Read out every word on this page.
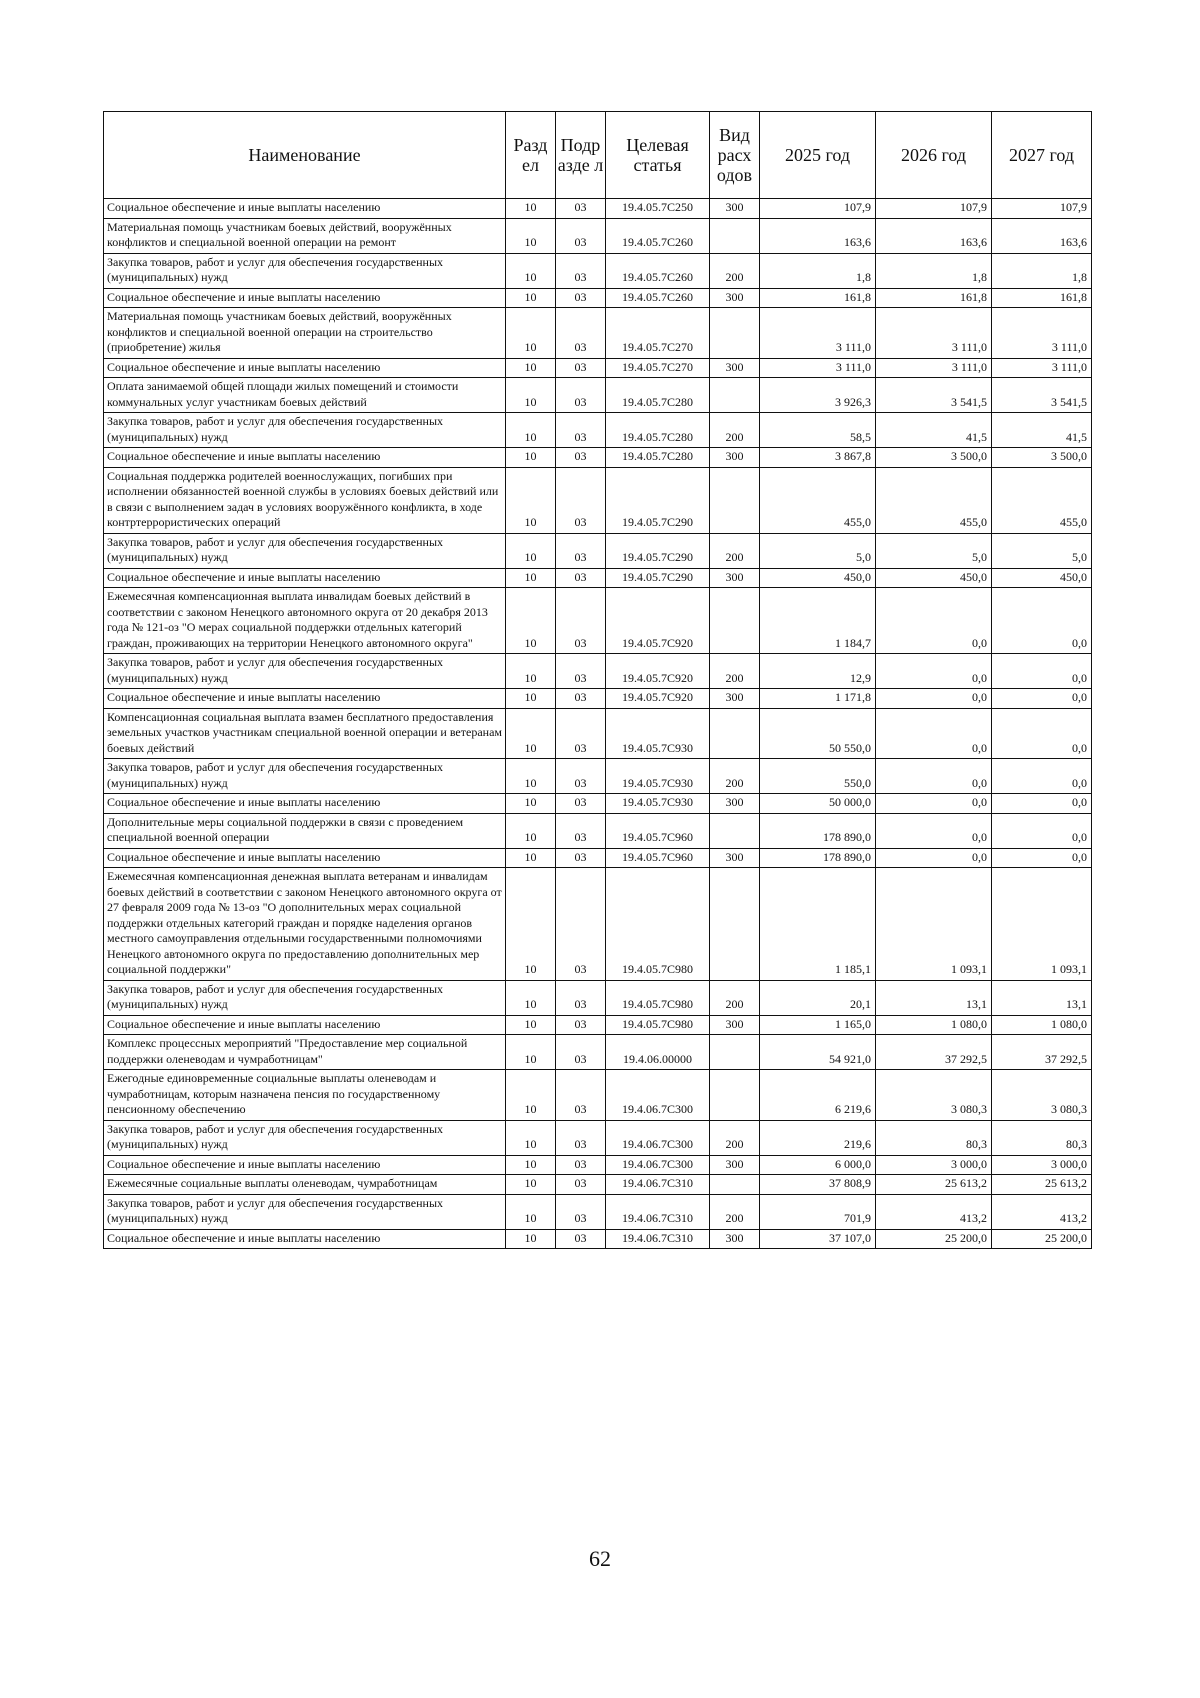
Наименование	Разд ел	Подр азде л	Целевая статья	Вид расх одов	2025 год	2026 год	2027 год
Социальное обеспечение и иные выплаты населению	10	03	19.4.05.7С250	300	107,9	107,9	107,9
Материальная помощь участникам боевых действий, вооружённых конфликтов и специальной военной операции на ремонт	10	03	19.4.05.7С260		163,6	163,6	163,6
Закупка товаров, работ и услуг для обеспечения государственных (муниципальных) нужд	10	03	19.4.05.7С260	200	1,8	1,8	1,8
Социальное обеспечение и иные выплаты населению	10	03	19.4.05.7С260	300	161,8	161,8	161,8
Материальная помощь участникам боевых действий, вооружённых конфликтов и специальной военной операции на строительство (приобретение) жилья	10	03	19.4.05.7С270		3 111,0	3 111,0	3 111,0
Социальное обеспечение и иные выплаты населению	10	03	19.4.05.7С270	300	3 111,0	3 111,0	3 111,0
Оплата занимаемой общей площади жилых помещений и стоимости коммунальных услуг участникам боевых действий	10	03	19.4.05.7С280		3 926,3	3 541,5	3 541,5
Закупка товаров, работ и услуг для обеспечения государственных (муниципальных) нужд	10	03	19.4.05.7С280	200	58,5	41,5	41,5
Социальное обеспечение и иные выплаты населению	10	03	19.4.05.7С280	300	3 867,8	3 500,0	3 500,0
Социальная поддержка родителей военнослужащих, погибших при исполнении обязанностей военной службы в условиях боевых действий или в связи с выполнением задач в условиях вооружённого конфликта, в ходе контртеррористических операций	10	03	19.4.05.7С290		455,0	455,0	455,0
Закупка товаров, работ и услуг для обеспечения государственных (муниципальных) нужд	10	03	19.4.05.7С290	200	5,0	5,0	5,0
Социальное обеспечение и иные выплаты населению	10	03	19.4.05.7С290	300	450,0	450,0	450,0
Ежемесячная компенсационная выплата инвалидам боевых действий в соответствии с законом Ненецкого автономного округа от 20 декабря 2013 года № 121-оз "О мерах социальной поддержки отдельных категорий граждан, проживающих на территории Ненецкого автономного округа"	10	03	19.4.05.7С920		1 184,7	0,0	0,0
Закупка товаров, работ и услуг для обеспечения государственных (муниципальных) нужд	10	03	19.4.05.7С920	200	12,9	0,0	0,0
Социальное обеспечение и иные выплаты населению	10	03	19.4.05.7С920	300	1 171,8	0,0	0,0
Компенсационная социальная выплата взамен бесплатного предоставления земельных участков участникам специальной военной операции и ветеранам боевых действий	10	03	19.4.05.7С930		50 550,0	0,0	0,0
Закупка товаров, работ и услуг для обеспечения государственных (муниципальных) нужд	10	03	19.4.05.7С930	200	550,0	0,0	0,0
Социальное обеспечение и иные выплаты населению	10	03	19.4.05.7С930	300	50 000,0	0,0	0,0
Дополнительные меры социальной поддержки в связи с проведением специальной военной операции	10	03	19.4.05.7С960		178 890,0	0,0	0,0
Социальное обеспечение и иные выплаты населению	10	03	19.4.05.7С960	300	178 890,0	0,0	0,0
Ежемесячная компенсационная денежная выплата ветеранам и инвалидам боевых действий в соответствии с законом Ненецкого автономного округа от 27 февраля 2009 года № 13-оз "О дополнительных мерах социальной поддержки отдельных категорий граждан и порядке наделения органов местного самоуправления отдельными государственными полномочиями Ненецкого автономного округа по предоставлению дополнительных мер социальной поддержки"	10	03	19.4.05.7С980		1 185,1	1 093,1	1 093,1
Закупка товаров, работ и услуг для обеспечения государственных (муниципальных) нужд	10	03	19.4.05.7С980	200	20,1	13,1	13,1
Социальное обеспечение и иные выплаты населению	10	03	19.4.05.7С980	300	1 165,0	1 080,0	1 080,0
Комплекс процессных мероприятий "Предоставление мер социальной поддержки оленеводам и чумработницам"	10	03	19.4.06.00000		54 921,0	37 292,5	37 292,5
Ежегодные единовременные социальные выплаты оленеводам и чумработницам, которым назначена пенсия по государственному пенсионному обеспечению	10	03	19.4.06.7С300		6 219,6	3 080,3	3 080,3
Закупка товаров, работ и услуг для обеспечения государственных (муниципальных) нужд	10	03	19.4.06.7С300	200	219,6	80,3	80,3
Социальное обеспечение и иные выплаты населению	10	03	19.4.06.7С300	300	6 000,0	3 000,0	3 000,0
Ежемесячные социальные выплаты оленеводам, чумработницам	10	03	19.4.06.7С310		37 808,9	25 613,2	25 613,2
Закупка товаров, работ и услуг для обеспечения государственных (муниципальных) нужд	10	03	19.4.06.7С310	200	701,9	413,2	413,2
Социальное обеспечение и иные выплаты населению	10	03	19.4.06.7С310	300	37 107,0	25 200,0	25 200,0
62
